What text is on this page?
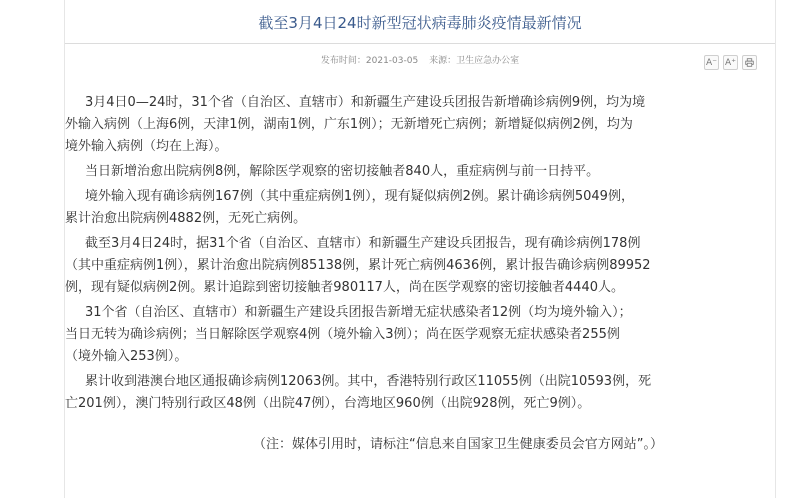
截至3月4日24时新型冠状病毒肺炎疫情最新情况
发布时间：2021-03-05 来源：卫生应急办公室	A⁻ A⁺
3月4日0—24时，31个省（自治区、直辖市）和新疆生产建设兵团报告新增确诊病例9例，均为境
外输入病例（上海6例，天津1例，湖南1例，广东1例）；无新增死亡病例；新增疑似病例2例，均为
境外输入病例（均在上海）。
当日新增治愈出院病例8例，解除医学观察的密切接触者840人，重症病例与前一日持平。
境外输入现有确诊病例167例（其中重症病例1例），现有疑似病例2例。累计确诊病例5049例，
累计治愈出院病例4882例，无死亡病例。
截至3月4日24时，据31个省（自治区、直辖市）和新疆生产建设兵团报告，现有确诊病例178例
（其中重症病例1例），累计治愈出院病例85138例，累计死亡病例4636例，累计报告确诊病例89952
例，现有疑似病例2例。累计追踪到密切接触者980117人，尚在医学观察的密切接触者4440人。
31个省（自治区、直辖市）和新疆生产建设兵团报告新增无症状感染者12例（均为境外输入）；
当日无转为确诊病例；当日解除医学观察4例（境外输入3例）；尚在医学观察无症状感染者255例
（境外输入253例）。
累计收到港澳台地区通报确诊病例12063例。其中，香港特别行政区11055例（出院10593例，死
亡201例），澳门特别行政区48例（出院47例），台湾地区960例（出院928例，死亡9例）。
（注：媒体引用时，请标注“信息来自国家卫生健康委员会官方网站”。）
